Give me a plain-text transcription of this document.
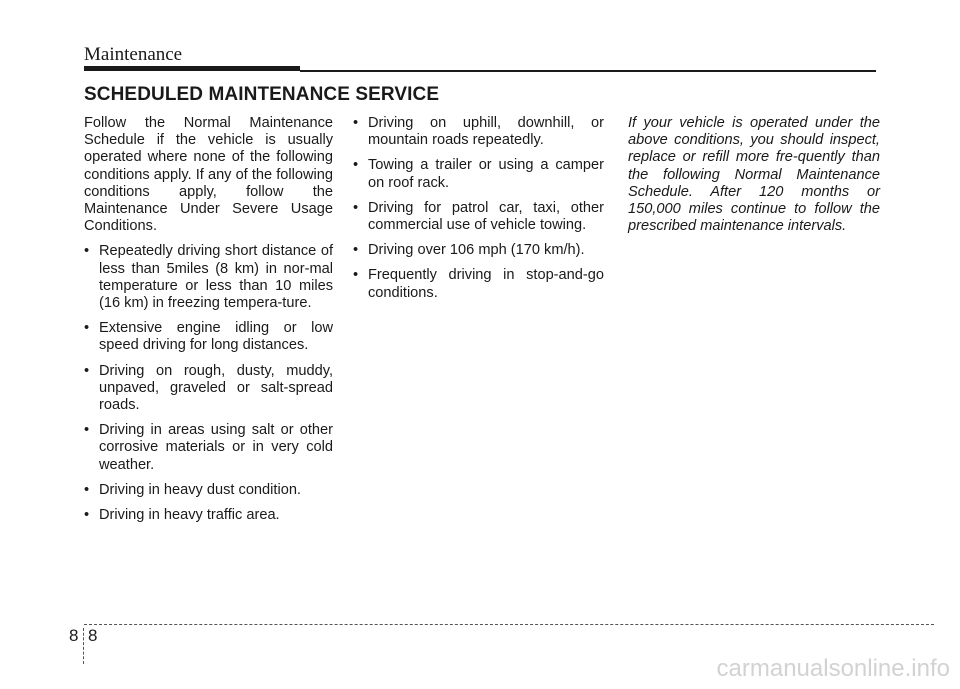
Maintenance
SCHEDULED MAINTENANCE SERVICE

Follow the Normal Maintenance Schedule if the vehicle is usually operated where none of the following conditions apply. If any of the following conditions apply, follow the Maintenance Under Severe Usage Conditions.

• Repeatedly driving short distance of less than 5miles (8 km) in nor-mal temperature or less than 10 miles (16 km) in freezing tempera-ture.
• Extensive engine idling or low speed driving for long distances.
• Driving on rough, dusty, muddy, unpaved, graveled or salt-spread roads.
• Driving in areas using salt or other corrosive materials or in very cold weather.
• Driving in heavy dust condition.
• Driving in heavy traffic area.
• Driving on uphill, downhill, or mountain roads repeatedly.
• Towing a trailer or using a camper on roof rack.
• Driving for patrol car, taxi, other commercial use of vehicle towing.
• Driving over 106 mph (170 km/h).
• Frequently driving in stop-and-go conditions.

If your vehicle is operated under the above conditions, you should inspect, replace or refill more fre-quently than the following Normal Maintenance Schedule. After 120 months or 150,000 miles continue to follow the prescribed maintenance intervals.

8 8
carmanualsonline.info
